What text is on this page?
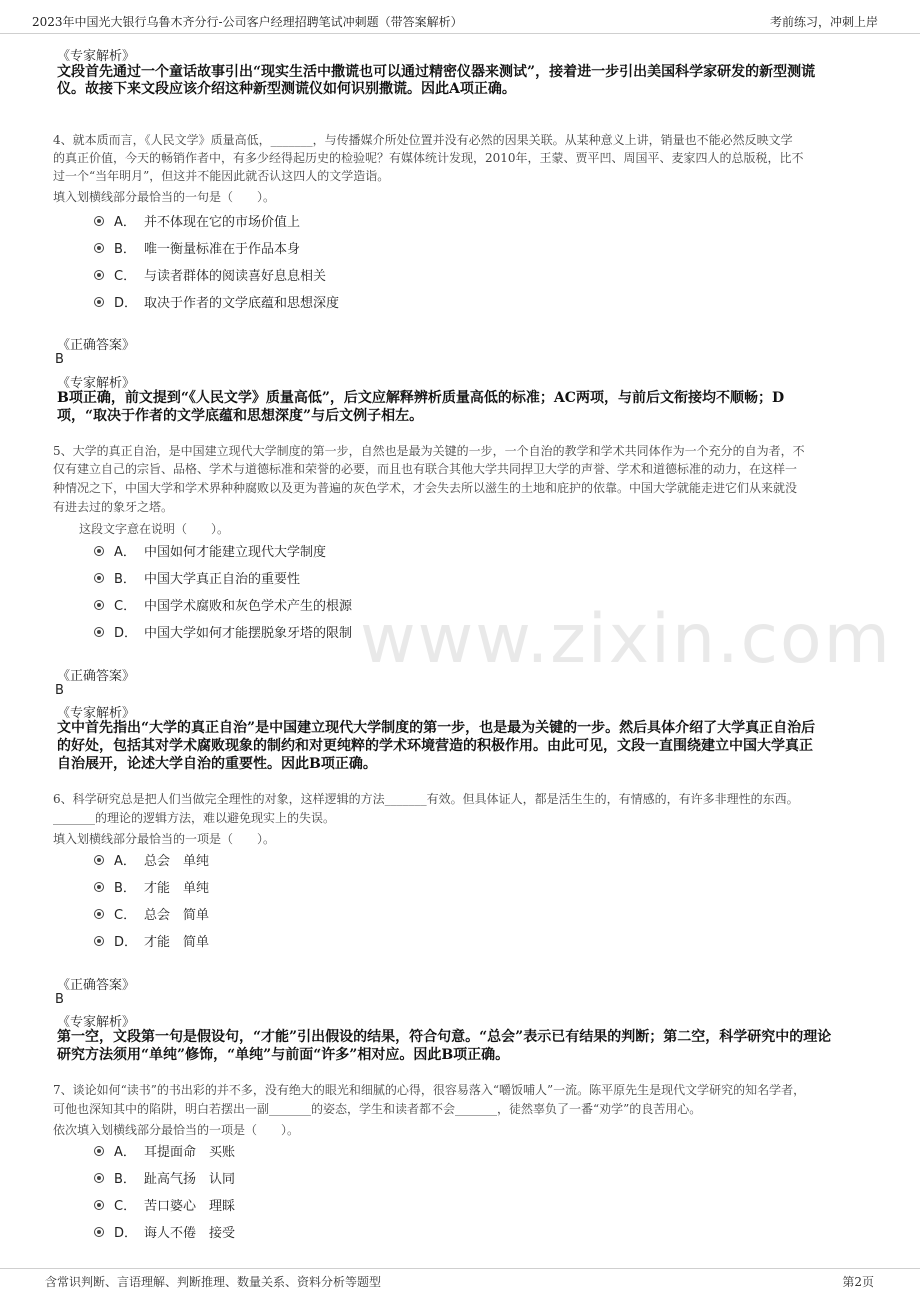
2023年中国光大银行乌鲁木齐分行-公司客户经理招聘笔试冲刺题（带答案解析）	考前练习，冲刺上岸
www.zixin.com
《专家解析》
文段首先通过一个童话故事引出“现实生活中撒谎也可以通过精密仪器来测试”，接着进一步引出美国科学家研发的新型测谎
仪。故接下来文段应该介绍这种新型测谎仪如何识别撒谎。因此A项正确。
4、就本质而言，《人民文学》质量高低，_______，与传播媒介所处位置并没有必然的因果关联。从某种意义上讲，销量也不能必然反映文学
的真正价值，今天的畅销作者中，有多少经得起历史的检验呢？有媒体统计发现，2010年，王蒙、贾平凹、周国平、麦家四人的总版税，比不
过一个“当年明月”，但这并不能因此就否认这四人的文学造诣。
填入划横线部分最恰当的一句是（　　）。
A． 并不体现在它的市场价值上
B． 唯一衡量标准在于作品本身
C． 与读者群体的阅读喜好息息相关
D． 取决于作者的文学底蕴和思想深度
《正确答案》
B
《专家解析》
B项正确，前文提到“《人民文学》质量高低”，后文应解释辨析质量高低的标准；AC两项，与前后文衔接均不顺畅；D
项，“取决于作者的文学底蕴和思想深度”与后文例子相左。
5、大学的真正自治，是中国建立现代大学制度的第一步，自然也是最为关键的一步，一个自治的教学和学术共同体作为一个充分的自为者，不
仅有建立自己的宗旨、品格、学术与道德标准和荣誉的必要，而且也有联合其他大学共同捍卫大学的声誉、学术和道德标准的动力，在这样一
种情况之下，中国大学和学术界种种腐败以及更为普遍的灰色学术，才会失去所以滋生的土地和庇护的依靠。中国大学就能走进它们从来就没
有进去过的象牙之塔。
这段文字意在说明（　　）。
A． 中国如何才能建立现代大学制度
B． 中国大学真正自治的重要性
C． 中国学术腐败和灰色学术产生的根源
D． 中国大学如何才能摆脱象牙塔的限制
《正确答案》
B
《专家解析》
文中首先指出“大学的真正自治”是中国建立现代大学制度的第一步，也是最为关键的一步。然后具体介绍了大学真正自治后
的好处，包括其对学术腐败现象的制约和对更纯粹的学术环境营造的积极作用。由此可见，文段一直围绕建立中国大学真正
自治展开，论述大学自治的重要性。因此B项正确。
6、科学研究总是把人们当做完全理性的对象，这样逻辑的方法_______有效。但具体证人，都是活生生的，有情感的，有许多非理性的东西。
_______的理论的逻辑方法，难以避免现实上的失误。
填入划横线部分最恰当的一项是（　　）。
A． 总会　单纯
B． 才能　单纯
C． 总会　简单
D． 才能　简单
《正确答案》
B
《专家解析》
第一空，文段第一句是假设句，“才能”引出假设的结果，符合句意。“总会”表示已有结果的判断；第二空，科学研究中的理论
研究方法须用“单纯”修饰，“单纯”与前面“许多”相对应。因此B项正确。
7、谈论如何“读书”的书出彩的并不多，没有绝大的眼光和细腻的心得，很容易落入“嚼饭哺人”一流。陈平原先生是现代文学研究的知名学者，
可他也深知其中的陷阱，明白若摆出一副_______的姿态，学生和读者都不会_______，徒然辜负了一番“劝学”的良苦用心。
依次填入划横线部分最恰当的一项是（　　）。
A． 耳提面命　买账
B． 趾高气扬　认同
C． 苦口婆心　理睬
D． 诲人不倦　接受
含常识判断、言语理解、判断推理、数量关系、资料分析等题型	第2页
